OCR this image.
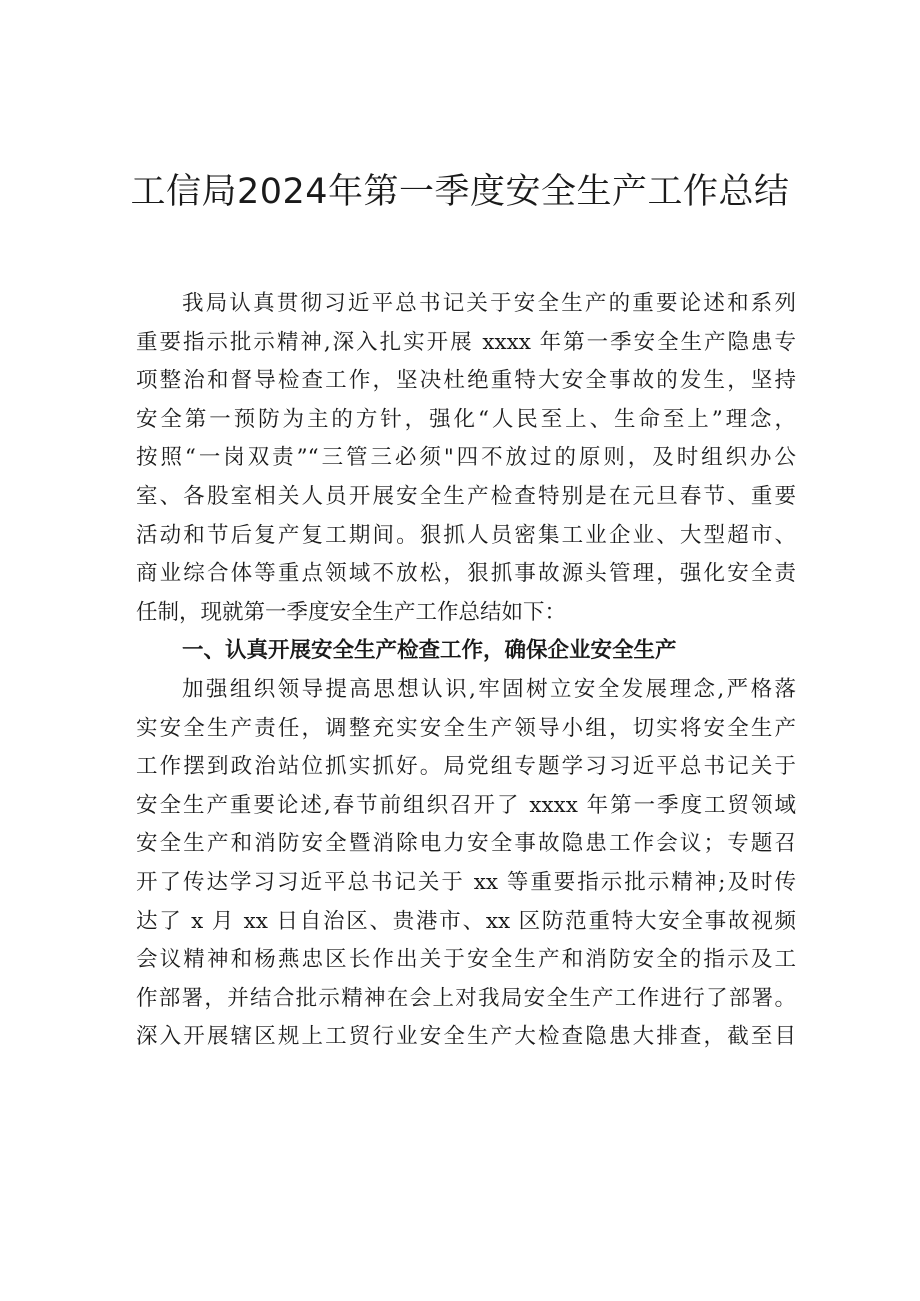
工信局2024年第一季度安全生产工作总结
我局认真贯彻习近平总书记关于安全生产的重要论述和系列
重要指示批示精神,深入扎实开展 xxxx 年第一季安全生产隐患专
项整治和督导检查工作，坚决杜绝重特大安全事故的发生，坚持
安全第一预防为主的方针，强化“人民至上、生命至上”理念，
按照“一岗双责”“三管三必须"四不放过的原则，及时组织办公
室、各股室相关人员开展安全生产检查特别是在元旦春节、重要
活动和节后复产复工期间。狠抓人员密集工业企业、大型超市、
商业综合体等重点领域不放松，狠抓事故源头管理，强化安全责
任制，现就第一季度安全生产工作总结如下：
一、认真开展安全生产检查工作，确保企业安全生产
加强组织领导提高思想认识,牢固树立安全发展理念,严格落
实安全生产责任，调整充实安全生产领导小组，切实将安全生产
工作摆到政治站位抓实抓好。局党组专题学习习近平总书记关于
安全生产重要论述,春节前组织召开了 xxxx 年第一季度工贸领域
安全生产和消防安全暨消除电力安全事故隐患工作会议；专题召
开了传达学习习近平总书记关于 xx 等重要指示批示精神;及时传
达了 x 月 xx 日自治区、贵港市、xx 区防范重特大安全事故视频
会议精神和杨燕忠区长作出关于安全生产和消防安全的指示及工
作部署，并结合批示精神在会上对我局安全生产工作进行了部署。
深入开展辖区规上工贸行业安全生产大检查隐患大排查，截至目
